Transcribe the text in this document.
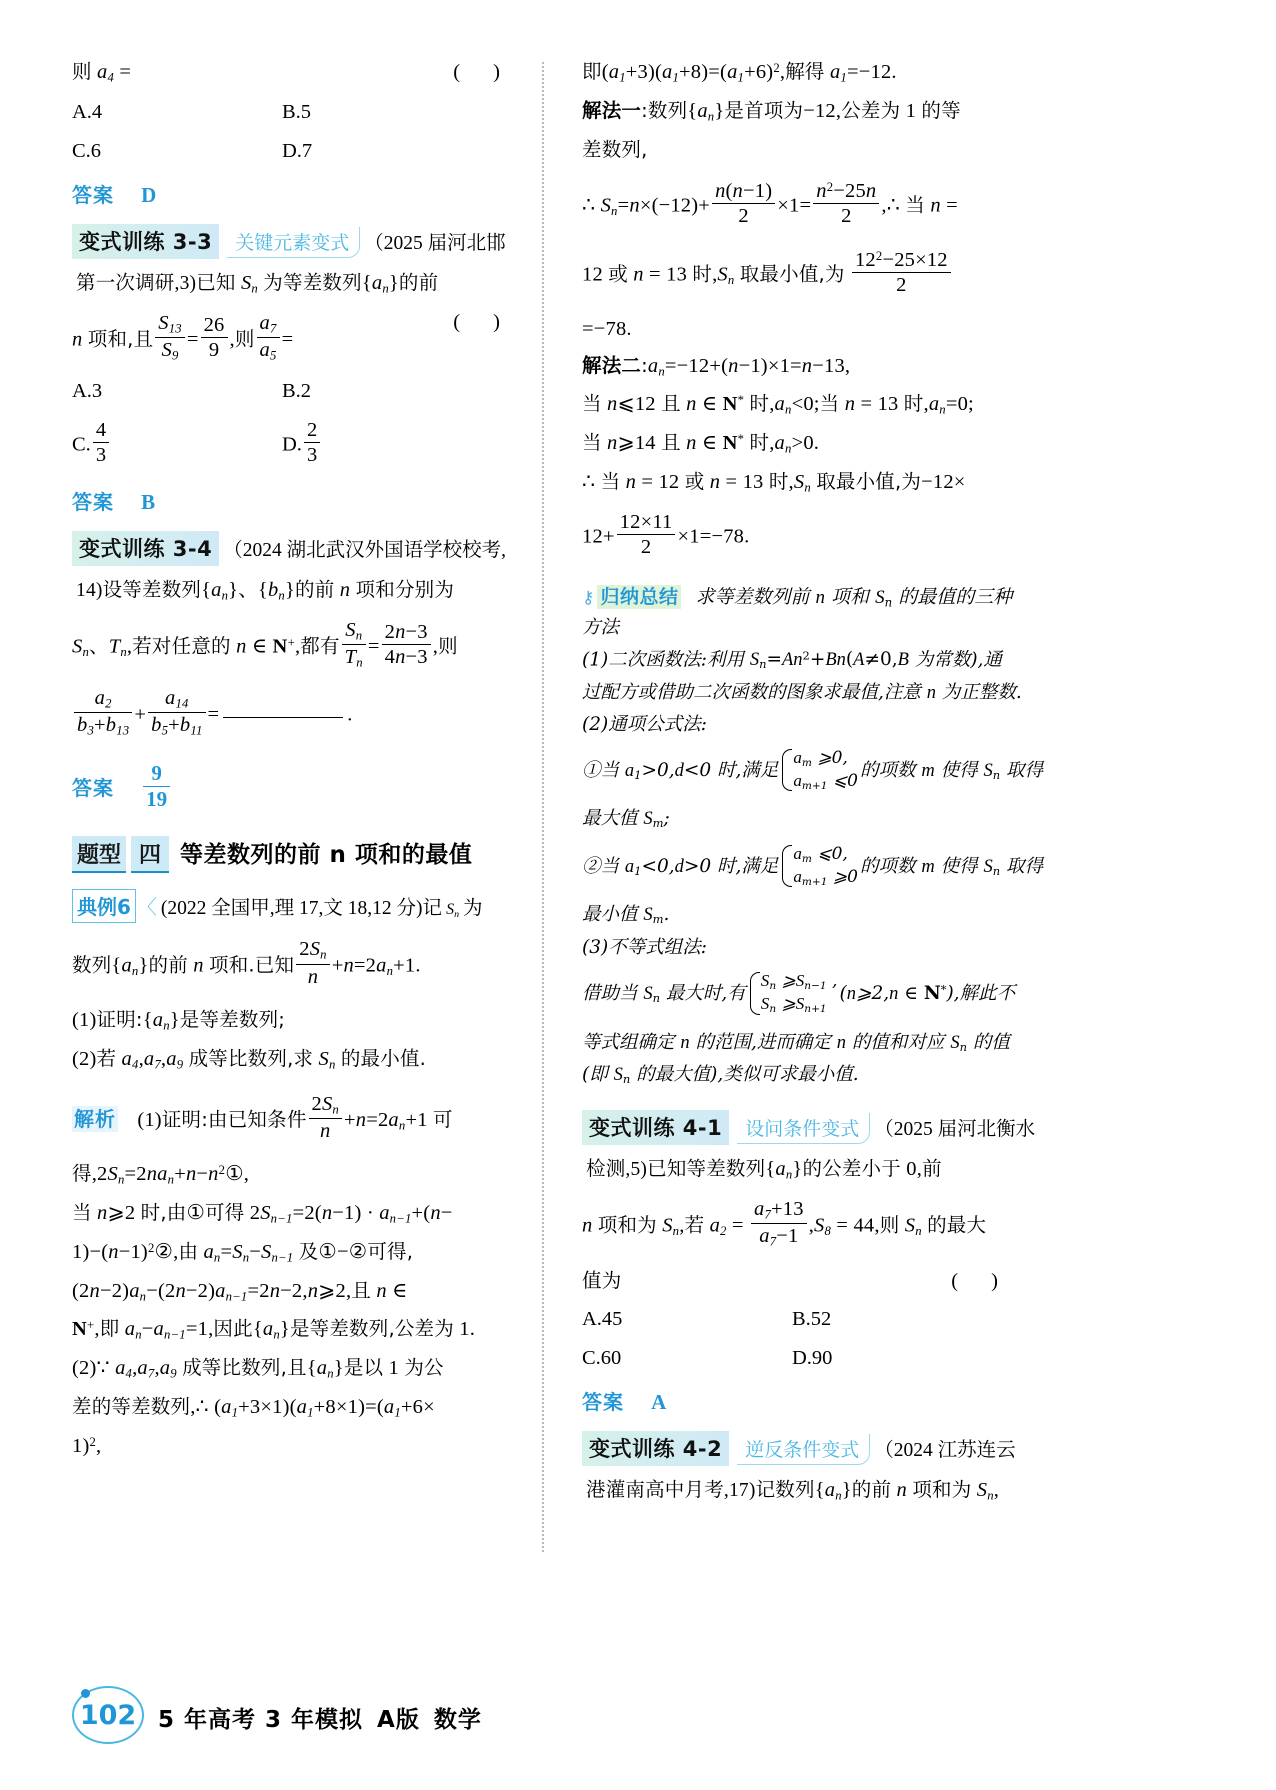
则 $a_4$ =	( )
A.4	B.5
C.6	D.7
答案 D
变式训练 3-3 关键元素变式 （2025 届河北邯
第一次调研,3)已知 $S_n$ 为等差数列$\{a_n\}$的前
n 项和,且 $\frac{S_{13}}{S_9} = \frac{26}{9}$ ,则 $\frac{a_7}{a_5}$ =
( )
A.3	B.2
C. $\frac{4}{3}$	D. $\frac{2}{3}$
答案 B
变式训练 3-4 （2024 湖北武汉外国语学校校考,
14)设等差数列$\{a_n\}$、$\{b_n\}$的前 n 项和分别为
$S_n$、$T_n$,若对任意的 n ∈ N+,都有 $\frac{S_n}{T_n} = \frac{2n-3}{4n-3}$ ,则
$\frac{a_2}{b_3+b_{13}} + \frac{a_{14}}{b_5+b_{11}}$ =	.
答案 $\frac{9}{19}$
题型 四 等差数列的前 n 项和的最值
典例6 〈 (2022 全国甲,理 17,文 18,12 分)记 $S_n$ 为
数列$\{a_n\}$的前 n 项和.已知 $\frac{2S_n}{n} +n=2a_n+1$.
(1)证明$:\{a_n\}$是等差数列;
(2)若 $a_4,a_7,a_9$ 成等比数列,求 $S_n$ 的最小值.
解析 (1)证明:由已知条件 $\frac{2S_n}{n} +n=2a_n+1$ 可
得$,2S_n=2na_n+n-n^2①$,
当 n⩾2 时,由①可得 $2S_{n-1}=2(n-1) \cdot a_{n-1}+(n-$
$1)-(n-1)^2②$,由 $a_n=S_n-S_{n-1}$ 及①−②可得,
$(2n-2)a_n-(2n-2)a_{n-1}=2n-2,n⩾2$,且 n ∈
N+,即 $a_n-a_{n-1}=1$,因此$\{a_n\}$是等差数列,公差为 1.
(2)∵ $a_4,a_7,a_9$ 成等比数列,且$\{a_n\}$是以 1 为公
差的等差数列,∴ $(a_1+3\times 1)(a_1+8\times 1)=(a_1+6\times$
1)$^2$,
即$(a_1+3)(a_1+8)=(a_1+6)^2$,解得 $a_1=-12$.
解法一:数列$\{a_n\}$是首项为−12,公差为 1 的等
差数列,
∴ $S_n=n\times(-12)+ \frac{n(n-1)}{2} \times 1= \frac{n^2-25n}{2}$ ,∴ 当 n =
12 或 n = 13 时$,S_n$ 取最小值,为 $\frac{12^2-25\times 12}{2}$
=−78.
解法二$:a_n=-12+(n-1)\times 1=n-13$,
当 n⩽12 且 n ∈ N* 时$,a_n<0$;当 n = 13 时$,a_n=0$;
当 n⩾14 且 n ∈ N* 时$,a_n>0$.
∴ 当 n = 12 或 n = 13 时$,S_n$ 取最小值,为−12×
$12+ \frac{12\times 11}{2} \times 1=-78$.
⚷ 归纳总结 求等差数列前 n 项和 $S_n$ 的最值的三种
方法
(1)二次函数法:利用 $S_n=An^2+Bn(A\ne 0,B$ 为常数),通
过配方或借助二次函数的图象求最值,注意 n 为正整数.
(2)通项公式法:
①当 $a_1>0,d<0$ 时,满足
$a_m$ ⩾0,
$a_{m+1}$ ⩽0
的项数 m 使得 $S_n$ 取得
最大值 $S_m$;
②当 $a_1<0,d>0$ 时,满足
$a_m$ ⩽0,
$a_{m+1}$ ⩾0
的项数 m 使得 $S_n$ 取得
最小值 $S_m$.
(3)不等式组法:
借助当 $S_n$ 最大时,有
$S_n$ $⩾S_{n-1}$ ,
$S_n$ $⩾S_{n+1}$
(n⩾2,n ∈ N*),解此不
等式组确定 n 的范围,进而确定 n 的值和对应 $S_n$ 的值
(即 $S_n$ 的最大值),类似可求最小值.
变式训练 4-1 设问条件变式 （2025 届河北衡水
检测,5)已知等差数列$\{a_n\}$的公差小于 0,前
n 项和为 $S_n$,若 $a_2 = \frac{a_7+13}{a_7-1} ,S_8 = 44$,则 $S_n$ 的最大
值为	( )
A.45	B.52
C.60	D.90
答案 A
变式训练 4-2 逆反条件变式 （2024 江苏连云
港灌南高中月考,17)记数列$\{a_n\}$的前 n 项和为 $S_n$,
102 5 年高考 3 年模拟 A版 数学
